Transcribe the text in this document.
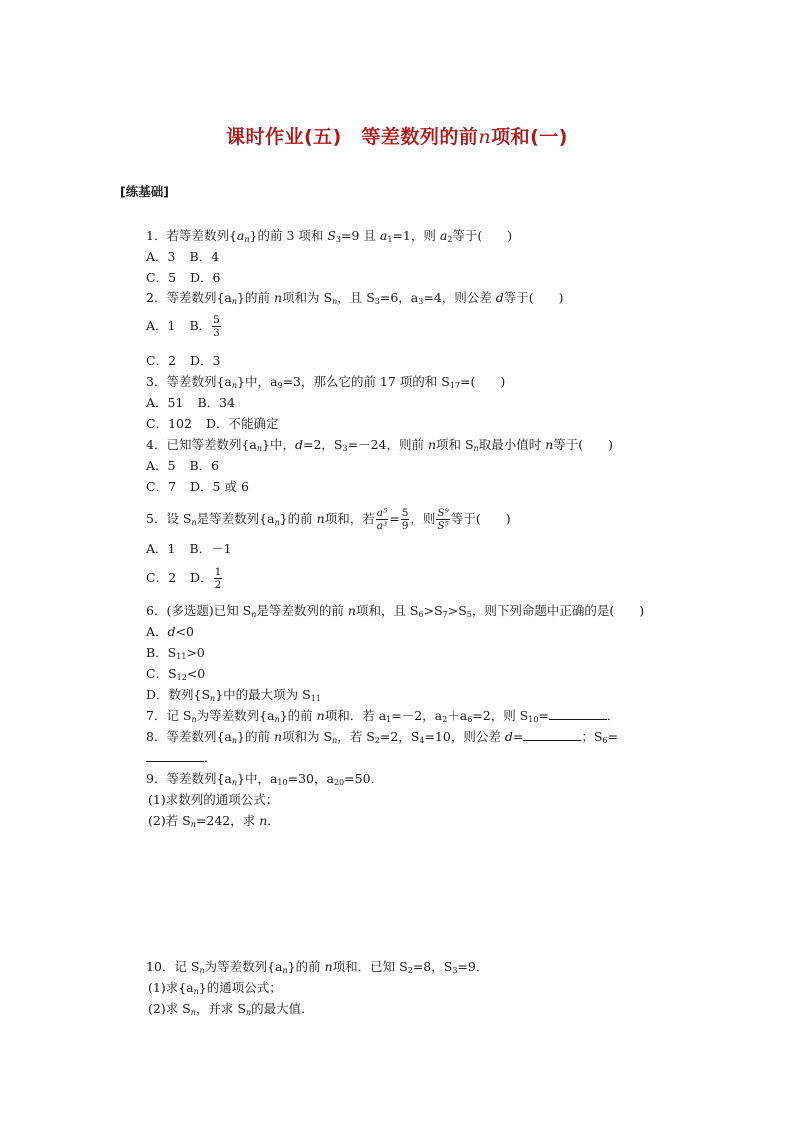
课时作业(五)　等差数列的前n项和(一)
[练基础]
1．若等差数列$\{a_n\}$的前 3 项和 $S_3=9$ 且 $a_1=1$，则 $a_2$等于(　　)
A．3 B．4
C．5 D．6
2．等差数列$\{a_n\}$的前 n项和为 $S_n$，且 $S_3=6$，$a_3=4$，则公差 d等于(　　)
A．1 B． $\frac{5}{3}$
C．2 D．3
3．等差数列$\{a_n\}$中，$a_9=3$，那么它的前 17 项的和 $S_{17}=$(　　)
A．51 B．34
C．102 D．不能确定
4．已知等差数列$\{a_n\}$中，d=2，$S_3=-24$，则前 n项和 $S_n$取最小值时 n等于(　　)
A．5 B．6
C．7 D．5 或 6
5．设 $S_n$是等差数列$\{a_n\}$的前 n项和，若 $\frac{\text{a⁵}}{\text{a³}} = \frac{5}{9}$ ，则 $\frac{\text{S⁹}}{\text{S⁵}}$ 等于(　　)
A．1 B．－1
C．2 D． $\frac{1}{2}$
6．(多选题)已知 $S_n$是等差数列的前 n项和，且 $S_6>S_7>S_5$，则下列命题中正确的是(　　)
A．d<0
B．$S_{11}>0$
C．$S_{12}<0$
D．数列$\{S_n\}$中的最大项为 $S_{11}$
7．记 $S_n$为等差数列$\{a_n\}$的前 n项和．若 $a_1=-2$，$a_2+a_6=2$，则 $S_{10}=$	．
8．等差数列$\{a_n\}$的前 n项和为 $S_n$，若 $S_2=2$，$S_4=10$，则公差 d=	；$S_6=$
．
9．等差数列$\{a_n\}$中，$a_{10}=30$，$a_{20}=50$．
(1)求数列的通项公式；
(2)若 $S_n=242$，求 n．
10．记 $S_n$为等差数列$\{a_n\}$的前 n项和．已知 $S_2=8$，$S_3=9$．
(1)求$\{a_n\}$的通项公式；
(2)求 $S_n$，并求 $S_n$的最大值．
